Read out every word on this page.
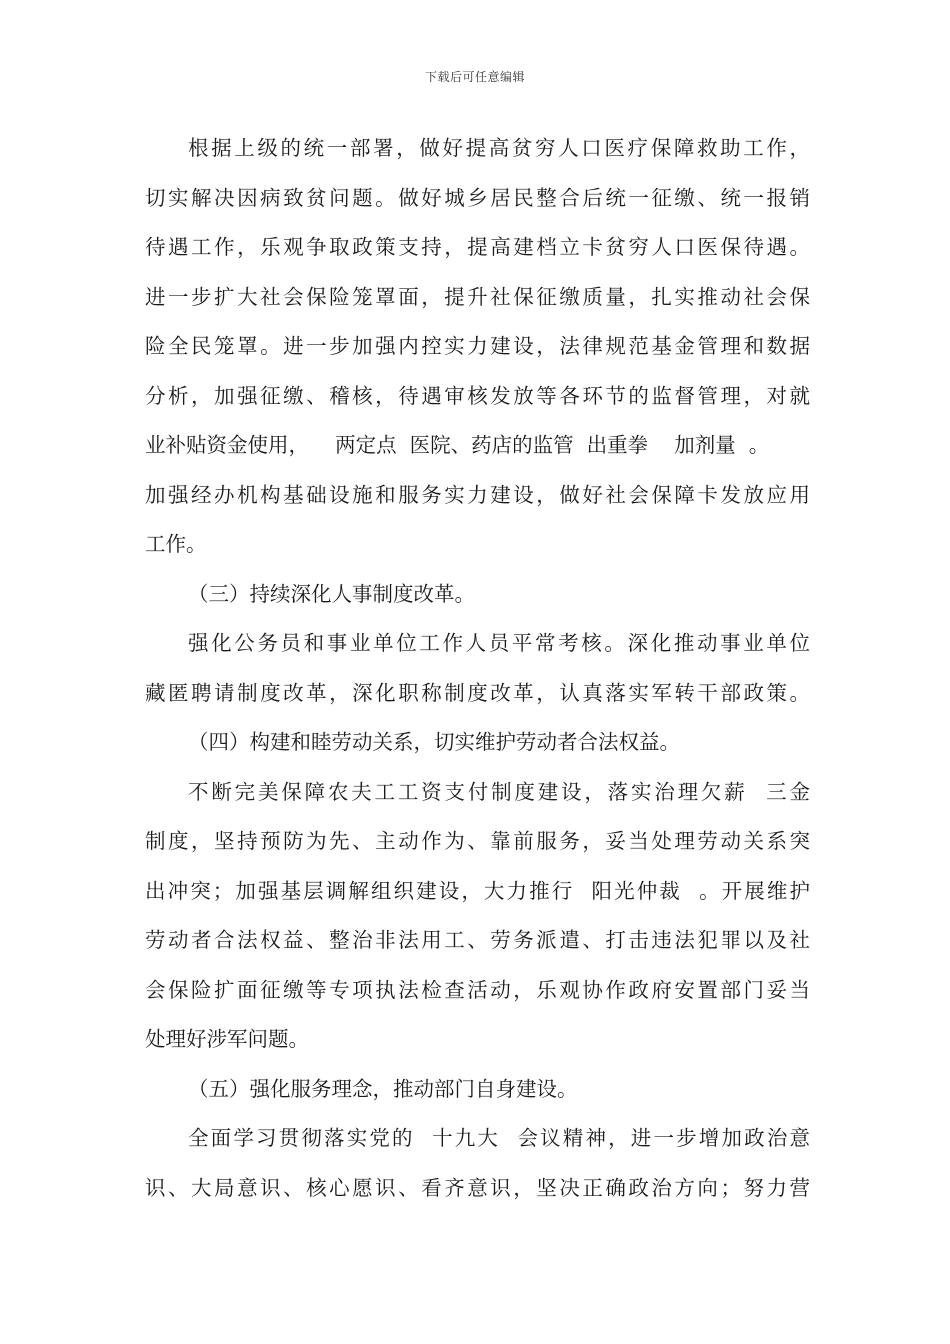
下载后可任意编辑
根据上级的统一部署，做好提高贫穷人口医疗保障救助工作，
切实解决因病致贫问题。做好城乡居民整合后统一征缴、统一报销
待遇工作，乐观争取政策支持，提高建档立卡贫穷人口医保待遇。
进一步扩大社会保险笼罩面，提升社保征缴质量，扎实推动社会保
险全民笼罩。进一步加强内控实力建设，法律规范基金管理和数据
分析，加强征缴、稽核，待遇审核发放等各环节的监督管理，对就
业补贴资金使用，    两定点  医院、药店的监管  出重拳    加剂量  。
加强经办机构基础设施和服务实力建设，做好社会保障卡发放应用
工作。
（三）持续深化人事制度改革。
强化公务员和事业单位工作人员平常考核。深化推动事业单位
藏匿聘请制度改革，深化职称制度改革，认真落实军转干部政策。
（四）构建和睦劳动关系，切实维护劳动者合法权益。
不断完美保障农夫工工资支付制度建设，落实治理欠薪  三金
制度，坚持预防为先、主动作为、靠前服务，妥当处理劳动关系突
出冲突；加强基层调解组织建设，大力推行  阳光仲裁  。开展维护
劳动者合法权益、整治非法用工、劳务派遣、打击违法犯罪以及社
会保险扩面征缴等专项执法检查活动，乐观协作政府安置部门妥当
处理好涉军问题。
（五）强化服务理念，推动部门自身建设。
全面学习贯彻落实党的  十九大  会议精神，进一步增加政治意
识、大局意识、核心愿识、看齐意识，坚决正确政治方向；努力营
